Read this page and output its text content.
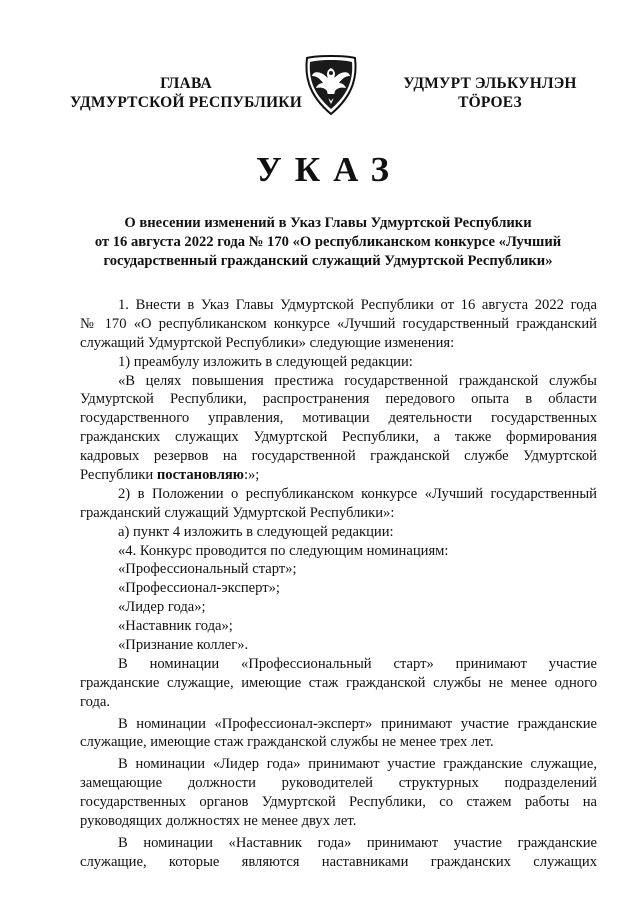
ГЛАВА
УДМУРТСКОЙ РЕСПУБЛИКИ
УДМУРТ ЭЛЬКУНЛЭН
ТÖРОЕЗ
УКАЗ
О внесении изменений в Указ Главы Удмуртской Республики
от 16 августа 2022 года № 170 «О республиканском конкурсе «Лучший
государственный гражданский служащий Удмуртской Республики»
1. Внести в Указ Главы Удмуртской Республики от 16 августа 2022 года
№ 170 «О республиканском конкурсе «Лучший государственный гражданский
служащий Удмуртской Республики» следующие изменения:
1) преамбулу изложить в следующей редакции:
«В целях повышения престижа государственной гражданской службы
Удмуртской Республики, распространения передового опыта в области
государственного управления, мотивации деятельности государственных
гражданских служащих Удмуртской Республики, а также формирования
кадровых резервов на государственной гражданской службе Удмуртской
Республики постановляю:»;
2) в Положении о республиканском конкурсе «Лучший государственный
гражданский служащий Удмуртской Республики»:
а) пункт 4 изложить в следующей редакции:
«4. Конкурс проводится по следующим номинациям:
«Профессиональный старт»;
«Профессионал-эксперт»;
«Лидер года»;
«Наставник года»;
«Признание коллег».
В номинации «Профессиональный старт» принимают участие
гражданские служащие, имеющие стаж гражданской службы не менее одного
года.
В номинации «Профессионал-эксперт» принимают участие гражданские
служащие, имеющие стаж гражданской службы не менее трех лет.
В номинации «Лидер года» принимают участие гражданские служащие,
замещающие должности руководителей структурных подразделений
государственных органов Удмуртской Республики, со стажем работы на
руководящих должностях не менее двух лет.
В номинации «Наставник года» принимают участие гражданские
служащие, которые являются наставниками гражданских служащих
